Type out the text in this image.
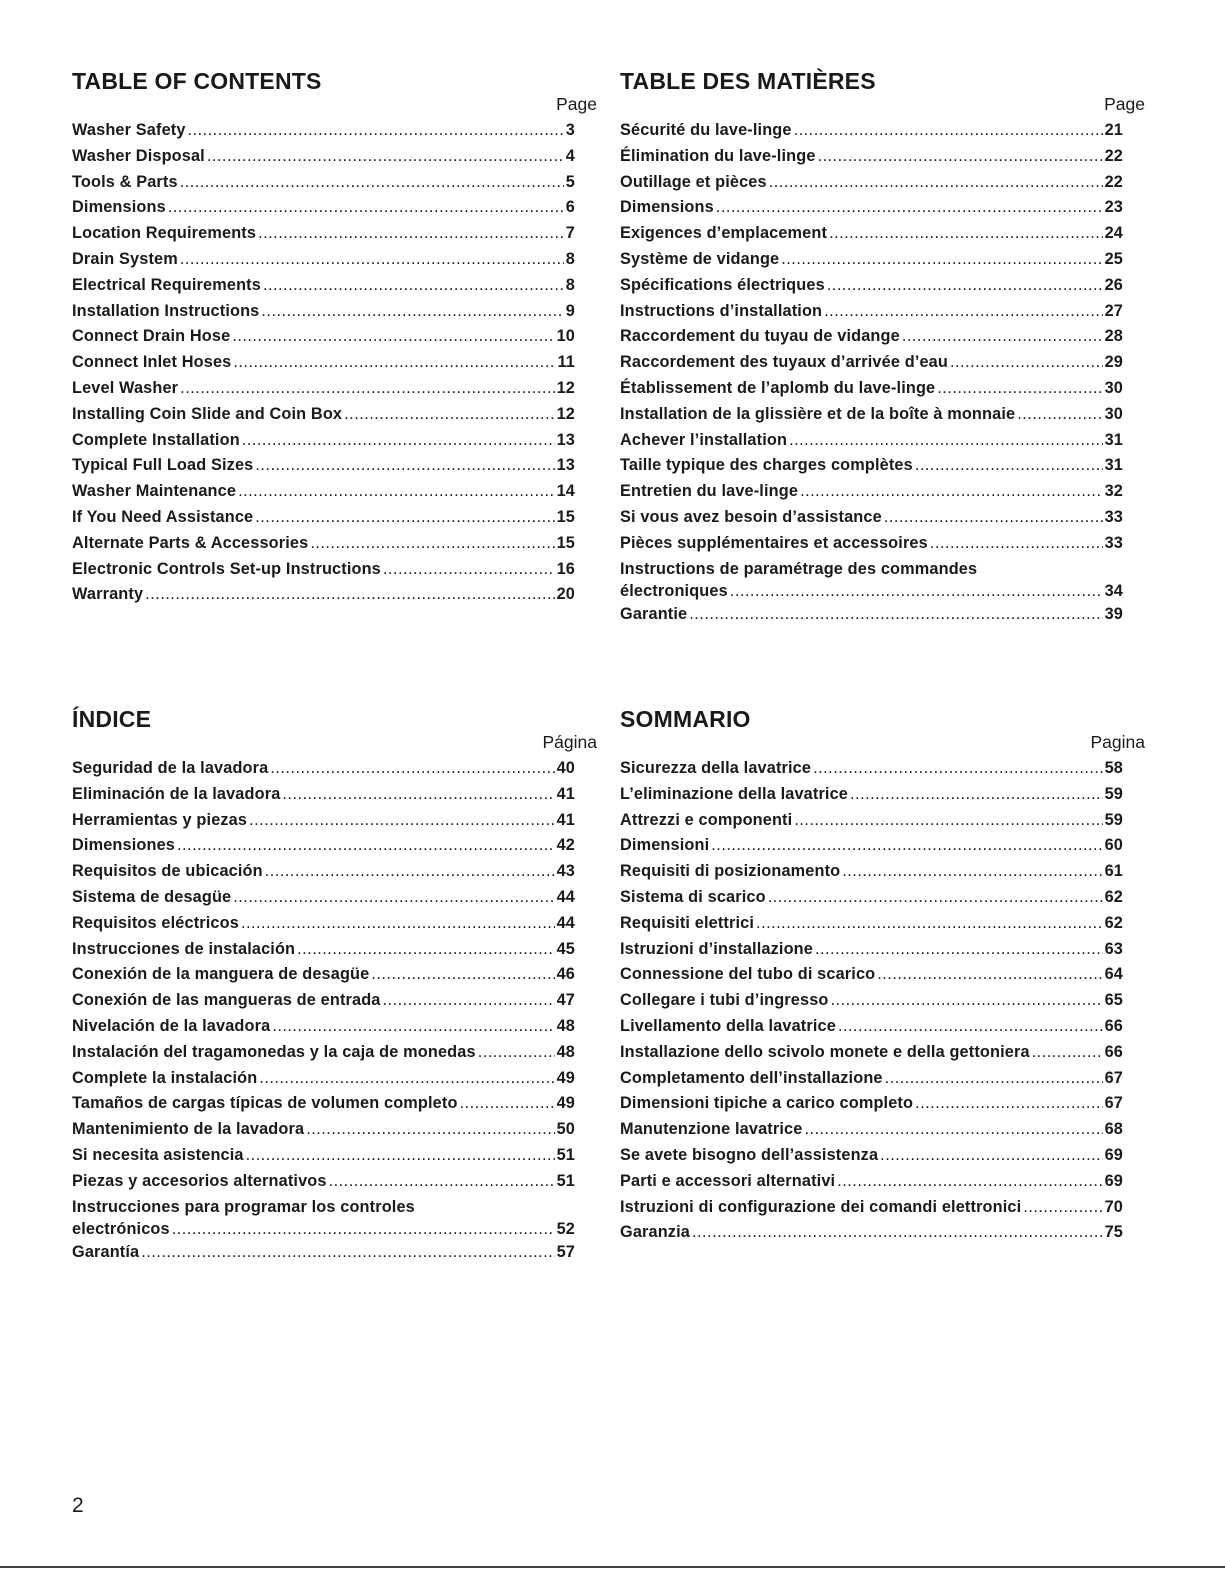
TABLE OF CONTENTS
Page
Washer Safety .....	3
Washer Disposal .....	4
Tools & Parts .....	5
Dimensions .....	6
Location Requirements .....	7
Drain System .....	8
Electrical Requirements .....	8
Installation Instructions .....	9
Connect Drain Hose .....	10
Connect Inlet Hoses .....	11
Level Washer .....	12
Installing Coin Slide and Coin Box .....	12
Complete Installation .....	13
Typical Full Load Sizes .....	13
Washer Maintenance .....	14
If You Need Assistance .....	15
Alternate Parts & Accessories .....	15
Electronic Controls Set-up Instructions .....	16
Warranty .....	20
TABLE DES MATIÈRES
Page
Sécurité du lave-linge .....	21
Élimination du lave-linge .....	22
Outillage et pièces .....	22
Dimensions .....	23
Exigences d’emplacement .....	24
Système de vidange .....	25
Spécifications électriques .....	26
Instructions d’installation .....	27
Raccordement du tuyau de vidange .....	28
Raccordement des tuyaux d’arrivée d’eau .....	29
Établissement de l’aplomb du lave-linge .....	30
Installation de la glissière et de la boîte à monnaie .....	30
Achever l’installation .....	31
Taille typique des charges complètes .....	31
Entretien du lave-linge .....	32
Si vous avez besoin d’assistance .....	33
Pièces supplémentaires et accessoires .....	33
Instructions de paramétrage des commandes
électroniques .....	34
Garantie .....	39
ÍNDICE
Página
Seguridad de la lavadora .....	40
Eliminación de la lavadora .....	41
Herramientas y piezas .....	41
Dimensiones .....	42
Requisitos de ubicación .....	43
Sistema de desagüe .....	44
Requisitos eléctricos .....	44
Instrucciones de instalación .....	45
Conexión de la manguera de desagüe .....	46
Conexión de las mangueras de entrada .....	47
Nivelación de la lavadora .....	48
Instalación del tragamonedas y la caja de monedas .....	48
Complete la instalación .....	49
Tamaños de cargas típicas de volumen completo .....	49
Mantenimiento de la lavadora .....	50
Si necesita asistencia .....	51
Piezas y accesorios alternativos .....	51
Instrucciones para programar los controles
electrónicos .....	52
Garantía .....	57
SOMMARIO
Pagina
Sicurezza della lavatrice .....	58
L’eliminazione della lavatrice .....	59
Attrezzi e componenti .....	59
Dimensioni .....	60
Requisiti di posizionamento .....	61
Sistema di scarico .....	62
Requisiti elettrici .....	62
Istruzioni d’installazione .....	63
Connessione del tubo di scarico .....	64
Collegare i tubi d’ingresso .....	65
Livellamento della lavatrice .....	66
Installazione dello scivolo monete e della gettoniera .....	66
Completamento dell’installazione .....	67
Dimensioni tipiche a carico completo .....	67
Manutenzione lavatrice .....	68
Se avete bisogno dell’assistenza .....	69
Parti e accessori alternativi .....	69
Istruzioni di configurazione dei comandi elettronici .....	70
Garanzia .....	75
2
